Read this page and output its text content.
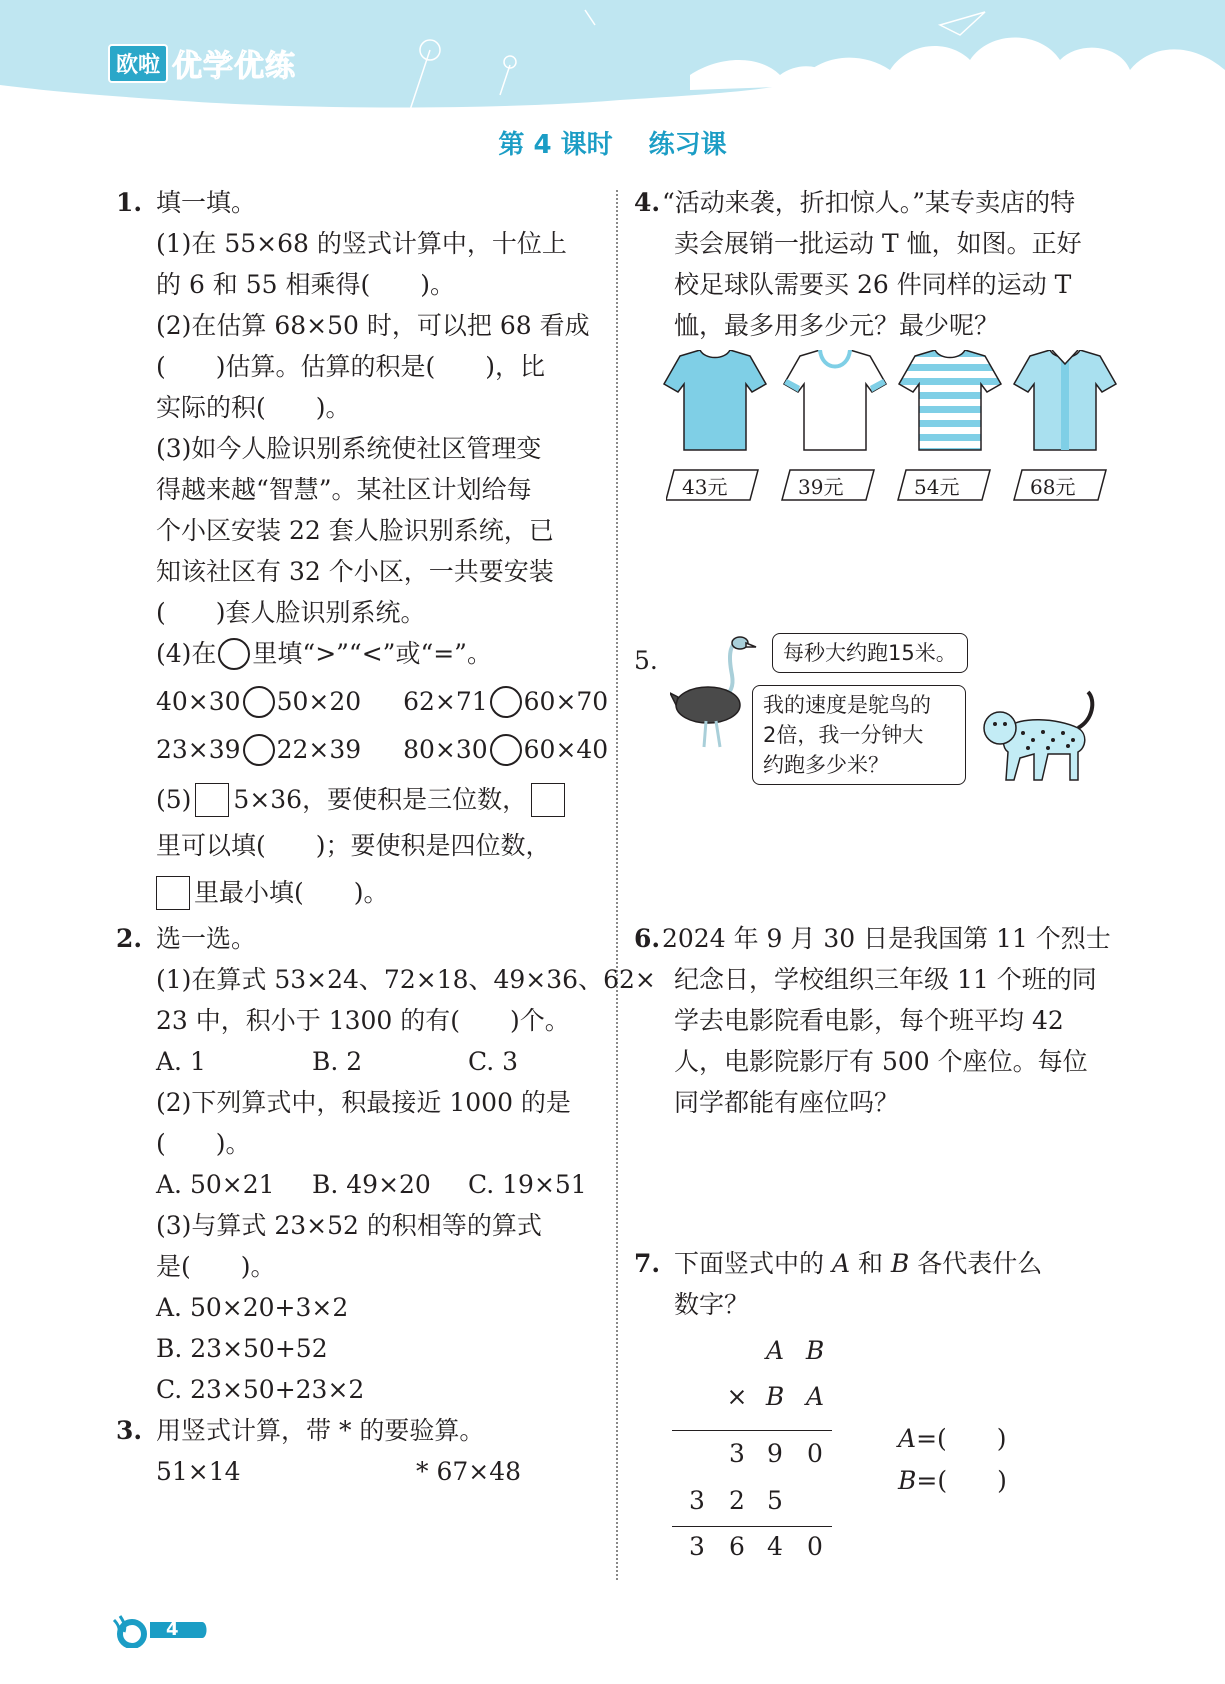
欧啦 优学优练
第 4 课时 练习课
1. 填一填。
(1)在 55×68 的竖式计算中，十位上
的 6 和 55 相乘得(　　)。
(2)在估算 68×50 时，可以把 68 看成
(　　)估算。估算的积是(　　)，比
实际的积(　　)。
(3)如今人脸识别系统使社区管理变
得越来越“智慧”。某社区计划给每
个小区安装 22 套人脸识别系统，已
知该社区有 32 个小区，一共要安装
(　　)套人脸识别系统。
(4)在 里填“>”“<”或“=”。
40×30 50×20 62×71 60×70
23×39 22×39 80×30 60×40
(5) 5×36，要使积是三位数，
里可以填(　　)；要使积是四位数，
里最小填(　　)。
2. 选一选。
(1)在算式 53×24、72×18、49×36、62×
23 中，积小于 1300 的有(　　)个。
A. 1	B. 2	C. 3
(2)下列算式中，积最接近 1000 的是
(　　)。
A. 50×21 B. 49×20 C. 19×51
(3)与算式 23×52 的积相等的算式
是(　　)。
A. 50×20+3×2
B. 23×50+52
C. 23×50+23×2
3. 用竖式计算，带 * 的要验算。
51×14	* 67×48
4. “活动来袭，折扣惊人。”某专卖店的特
卖会展销一批运动 T 恤，如图。正好
校足球队需要买 26 件同样的运动 T
恤，最多用多少元？最少呢？
43元	39元	54元	68元
5.	每秒大约跑15米。
我的速度是鸵鸟的
2倍，我一分钟大
约跑多少米？
6. 2024 年 9 月 30 日是我国第 11 个烈士
纪念日，学校组织三年级 11 个班的同
学去电影院看电影，每个班平均 42
人，电影院影厅有 500 个座位。每位
同学都能有座位吗？
7. 下面竖式中的 A 和 B 各代表什么
数字？
A B
× B A
3 9 0
3 2 5
3 6 4 0
A=(　　)
B=(　　)
4
